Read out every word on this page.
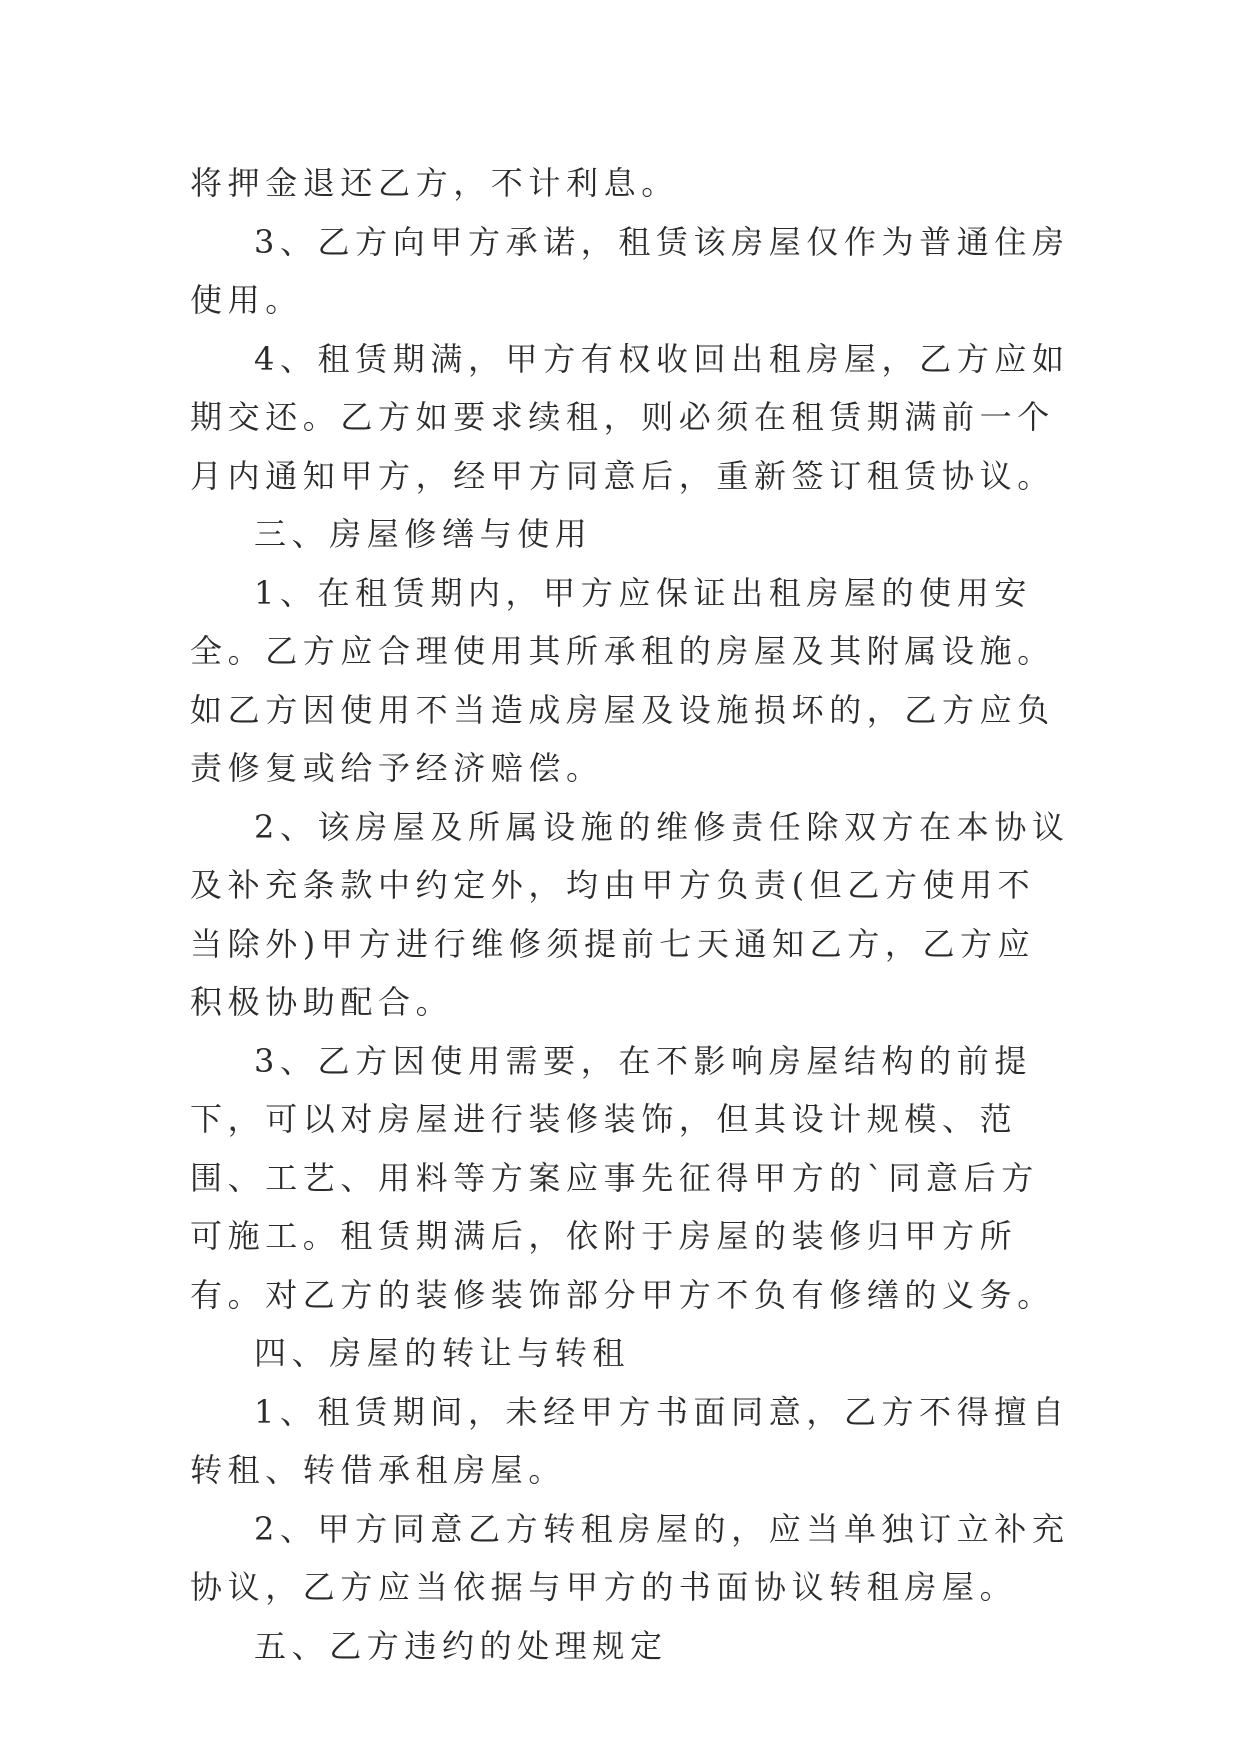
将押金退还乙方，不计利息。

3、乙方向甲方承诺，租赁该房屋仅作为普通住房使用。

4、租赁期满，甲方有权收回出租房屋，乙方应如期交还。乙方如要求续租，则必须在租赁期满前一个月内通知甲方，经甲方同意后，重新签订租赁协议。

三、房屋修缮与使用

1、在租赁期内，甲方应保证出租房屋的使用安全。乙方应合理使用其所承租的房屋及其附属设施。如乙方因使用不当造成房屋及设施损坏的，乙方应负责修复或给予经济赔偿。

2、该房屋及所属设施的维修责任除双方在本协议及补充条款中约定外，均由甲方负责(但乙方使用不当除外)甲方进行维修须提前七天通知乙方，乙方应积极协助配合。

3、乙方因使用需要，在不影响房屋结构的前提下，可以对房屋进行装修装饰，但其设计规模、范围、工艺、用料等方案应事先征得甲方的`同意后方可施工。租赁期满后，依附于房屋的装修归甲方所有。对乙方的装修装饰部分甲方不负有修缮的义务。

四、房屋的转让与转租

1、租赁期间，未经甲方书面同意，乙方不得擅自转租、转借承租房屋。

2、甲方同意乙方转租房屋的，应当单独订立补充协议，乙方应当依据与甲方的书面协议转租房屋。

五、乙方违约的处理规定
